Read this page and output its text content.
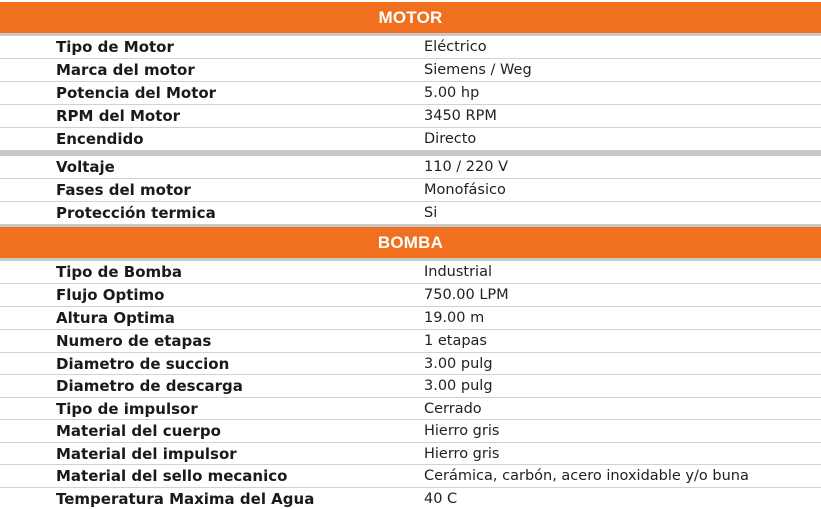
MOTOR
Tipo de Motor	Eléctrico
Marca del motor	Siemens / Weg
Potencia del Motor	5.00 hp
RPM del Motor	3450 RPM
Encendido	Directo
Voltaje	110 / 220 V
Fases del motor	Monofásico
Protección termica	Si
BOMBA
Tipo de Bomba	Industrial
Flujo Optimo	750.00 LPM
Altura Optima	19.00 m
Numero de etapas	1 etapas
Diametro de succion	3.00 pulg
Diametro de descarga	3.00 pulg
Tipo de impulsor	Cerrado
Material del cuerpo	Hierro gris
Material del impulsor	Hierro gris
Material del sello mecanico	Cerámica, carbón, acero inoxidable y/o buna
Temperatura Maxima del Agua	40 C
